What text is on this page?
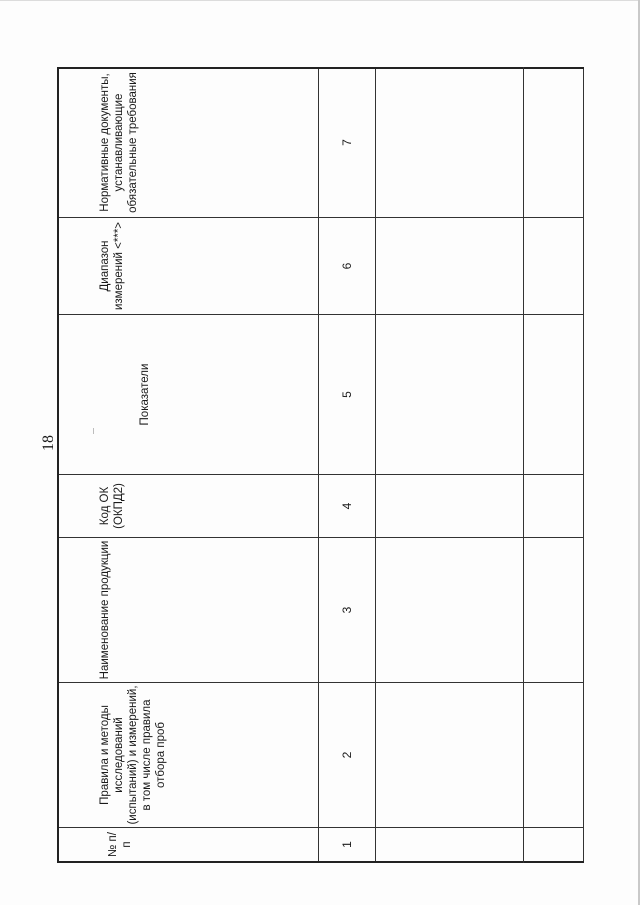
18
№ п/п	Правила и методы исследований (испытаний) и измерений, в том числе правила отбора проб	Наименование продукции	Код ОК (ОКПД2)	Показатели	Диапазон измерений <***>	Нормативные документы, устанавливающие обязательные требования
1	2	3	4	5	6	7
